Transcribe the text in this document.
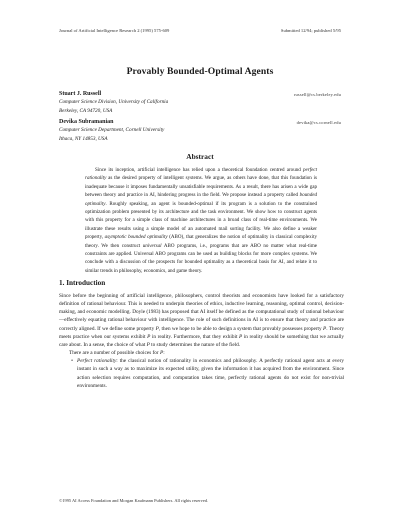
Journal of Artificial Intelligence Research 2 (1995) 575-609	Submitted 12/94; published 5/95
Provably Bounded-Optimal Agents
Stuart J. Russell	russell@cs.berkeley.edu
Computer Science Division, University of California
Berkeley, CA 94720, USA
Devika Subramanian	devika@cs.cornell.edu
Computer Science Department, Cornell University
Ithaca, NY 14853, USA
Abstract

Since its inception, artificial intelligence has relied upon a theoretical foundation centred around perfect rationality as the desired property of intelligent systems. We argue, as others have done, that this foundation is inadequate because it imposes fundamentally unsatisfiable requirements. As a result, there has arisen a wide gap between theory and practice in AI, hindering progress in the field. We propose instead a property called bounded optimality. Roughly speaking, an agent is bounded-optimal if its program is a solution to the constrained optimization problem presented by its architecture and the task environment. We show how to construct agents with this property for a simple class of machine architectures in a broad class of real-time environments. We illustrate these results using a simple model of an automated mail sorting facility. We also define a weaker property, asymptotic bounded optimality (ABO), that generalizes the notion of optimality in classical complexity theory. We then construct universal ABO programs, i.e., programs that are ABO no matter what real-time constraints are applied. Universal ABO programs can be used as building blocks for more complex systems. We conclude with a discussion of the prospects for bounded optimality as a theoretical basis for AI, and relate it to similar trends in philosophy, economics, and game theory.

1. Introduction

Since before the beginning of artificial intelligence, philosophers, control theorists and economists have looked for a satisfactory definition of rational behaviour. This is needed to underpin theories of ethics, inductive learning, reasoning, optimal control, decision-making, and economic modelling. Doyle (1983) has proposed that AI itself be defined as the computational study of rational behaviour—effectively equating rational behaviour with intelligence. The role of such definitions in AI is to ensure that theory and practice are correctly aligned. If we define some property P, then we hope to be able to design a system that provably possesses property P. Theory meets practice when our systems exhibit P in reality. Furthermore, that they exhibit P in reality should be something that we actually care about. In a sense, the choice of what P to study determines the nature of the field.

There are a number of possible choices for P:

• Perfect rationality: the classical notion of rationality in economics and philosophy. A perfectly rational agent acts at every instant in such a way as to maximize its expected utility, given the information it has acquired from the environment. Since action selection requires computation, and computation takes time, perfectly rational agents do not exist for non-trivial environments.
©1995 AI Access Foundation and Morgan Kaufmann Publishers. All rights reserved.
